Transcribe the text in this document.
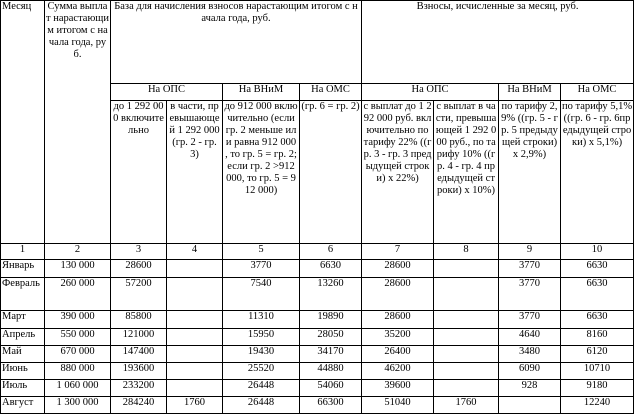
Месяц	Сумма выплат нарастающим итогом с начала года, руб.	База для начисления взносов нарастающим итогом с начала года, руб.				Взносы, исчисленные за месяц, руб.			
		На ОПС		На ВНиМ	На ОМС	На ОПС		На ВНиМ	На ОМС
		до 1 292 000 включительно	в части, превышающей 1 292 000 (гр. 2 - гр. 3)	до 912 000 включительно (если гр. 2 меньше или равна 912 000 , то гр. 5 = гр. 2; если гр. 2 >912 000, то гр. 5 = 912 000)	(гр. 6 = гр. 2)	с выплат до 1 292 000 руб. включительно по тарифу 22% ((гр. 3 - гр. 3 предыдущей строки) x 22%)	с выплат в части, превышающей 1 292 000 руб., по тарифу 10% ((гр. 4 - гр. 4 предыдущей строки) x 10%)	по тарифу 2,9% ((гр. 5 - гр. 5 предыдущей строки) x 2,9%)	по тарифу 5,1% ((гр. 6 - гр. 6предыдущей строки) x 5,1%)
1	2	3	4	5	6	7	8	9	10
Январь	130 000	28600		3770	6630	28600		3770	6630
Февраль	260 000	57200		7540	13260	28600		3770	6630
Март	390 000	85800		11310	19890	28600		3770	6630
Апрель	550 000	121000		15950	28050	35200		4640	8160
Май	670 000	147400		19430	34170	26400		3480	6120
Июнь	880 000	193600		25520	44880	46200		6090	10710
Июль	1 060 000	233200		26448	54060	39600		928	9180
Август	1 300 000	284240	1760	26448	66300	51040	1760		12240
